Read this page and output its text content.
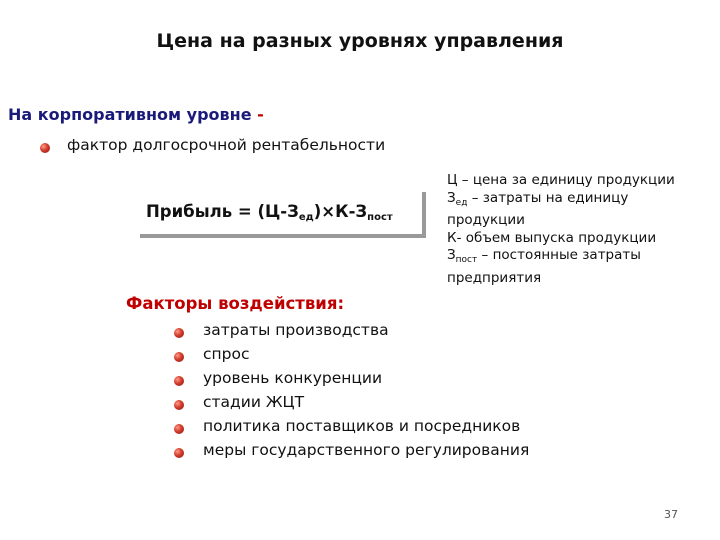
Цена на разных уровнях управления
На корпоративном уровне -
фактор долгосрочной рентабельности
Прибыль = $(Ц-З_{ед})\times К-З_{пост}$
Ц – цена за единицу продукции
$З_{ед}$ – затраты на единицу
продукции
К- объем выпуска продукции
$З_{пост}$ – постоянные затраты
предприятия
Факторы воздействия:
затраты производства
спрос
уровень конкуренции
стадии ЖЦТ
политика поставщиков и посредников
меры государственного регулирования
37
